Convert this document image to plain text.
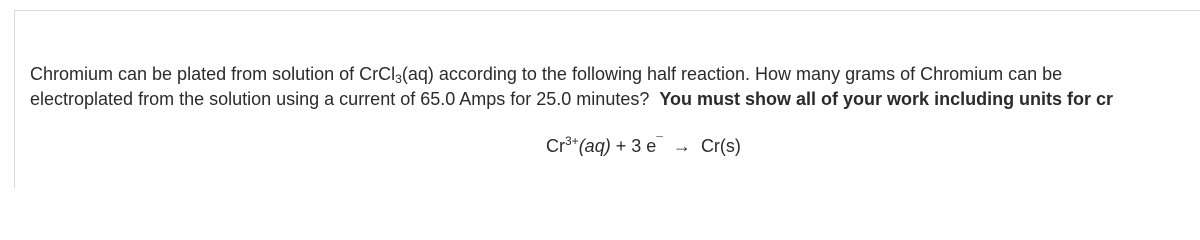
Chromium can be plated from solution of CrCl$_3$(aq) according to the following half reaction. How many grams of Chromium can be
electroplated from the solution using a current of 65.0 Amps for 25.0 minutes? You must show all of your work including units for cr
$Cr^{3+}(aq) + 3$ e¯ → Cr(s)
